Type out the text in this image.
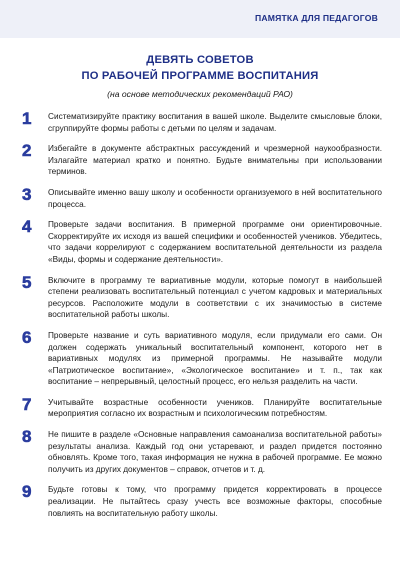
ПАМЯТКА ДЛЯ ПЕДАГОГОВ
ДЕВЯТЬ СОВЕТОВ
ПО РАБОЧЕЙ ПРОГРАММЕ ВОСПИТАНИЯ
(на основе методических рекомендаций РАО)
1	Систематизируйте практику воспитания в вашей школе. Выделите смысловые блоки, сгруппируйте формы работы с детьми по целям и задачам.
2	Избегайте в документе абстрактных рассуждений и чрезмерной наукообразности. Излагайте материал кратко и понятно. Будьте внимательны при использовании терминов.
3	Описывайте именно вашу школу и особенности организуемого в ней воспитательного процесса.
4	Проверьте задачи воспитания. В примерной программе они ориентировочные. Скорректируйте их исходя из вашей специфики и особенностей учеников. Убедитесь, что задачи коррелируют с содержанием воспитательной деятельности из раздела «Виды, формы и содержание деятельности».
5	Включите в программу те вариативные модули, которые помогут в наибольшей степени реализовать воспитательный потенциал с учетом кадровых и материальных ресурсов. Расположите модули в соответствии с их значимостью в системе воспитательной работы школы.
6	Проверьте название и суть вариативного модуля, если придумали его сами. Он должен содержать уникальный воспитательный компонент, которого нет в вариативных модулях из примерной программы. Не называйте модули «Патриотическое воспитание», «Экологическое воспитание» и т. п., так как воспитание – непрерывный, целостный процесс, его нельзя разделить на части.
7	Учитывайте возрастные особенности учеников. Планируйте воспитательные мероприятия согласно их возрастным и психологическим потребностям.
8	Не пишите в разделе «Основные направления самоанализа воспитательной работы» результаты анализа. Каждый год они устаревают, и раздел придется постоянно обновлять. Кроме того, такая информация не нужна в рабочей программе. Ее можно получить из других документов – справок, отчетов и т. д.
9	Будьте готовы к тому, что программу придется корректировать в процессе реализации. Не пытайтесь сразу учесть все возможные факторы, способные повлиять на воспитательную работу школы.
